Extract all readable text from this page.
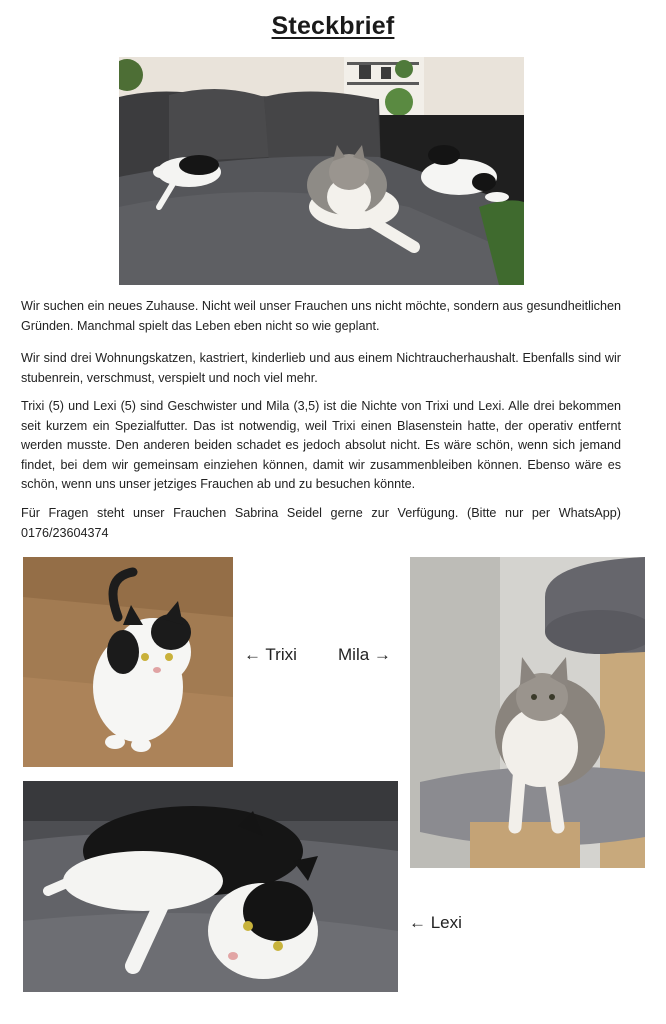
Steckbrief

Wir suchen ein neues Zuhause. Nicht weil unser Frauchen uns nicht möchte, sondern aus gesundheitlichen Gründen. Manchmal spielt das Leben eben nicht so wie geplant.

Wir sind drei Wohnungskatzen, kastriert, kinderlieb und aus einem Nichtraucherhaushalt. Ebenfalls sind wir stubenrein, verschmust, verspielt und noch viel mehr.

Trixi (5) und Lexi (5) sind Geschwister und Mila (3,5) ist die Nichte von Trixi und Lexi. Alle drei bekommen seit kurzem ein Spezialfutter. Das ist notwendig, weil Trixi einen Blasenstein hatte, der operativ entfernt werden musste. Den anderen beiden schadet es jedoch absolut nicht. Es wäre schön, wenn sich jemand findet, bei dem wir gemeinsam einziehen können, damit wir zusammenbleiben können. Ebenso wäre es schön, wenn uns unser jetziges Frauchen ab und zu besuchen könnte.

Für Fragen steht unser Frauchen Sabrina Seidel gerne zur Verfügung. (Bitte nur per WhatsApp) 0176/23604374

← Trixi Mila →
← Lexi
